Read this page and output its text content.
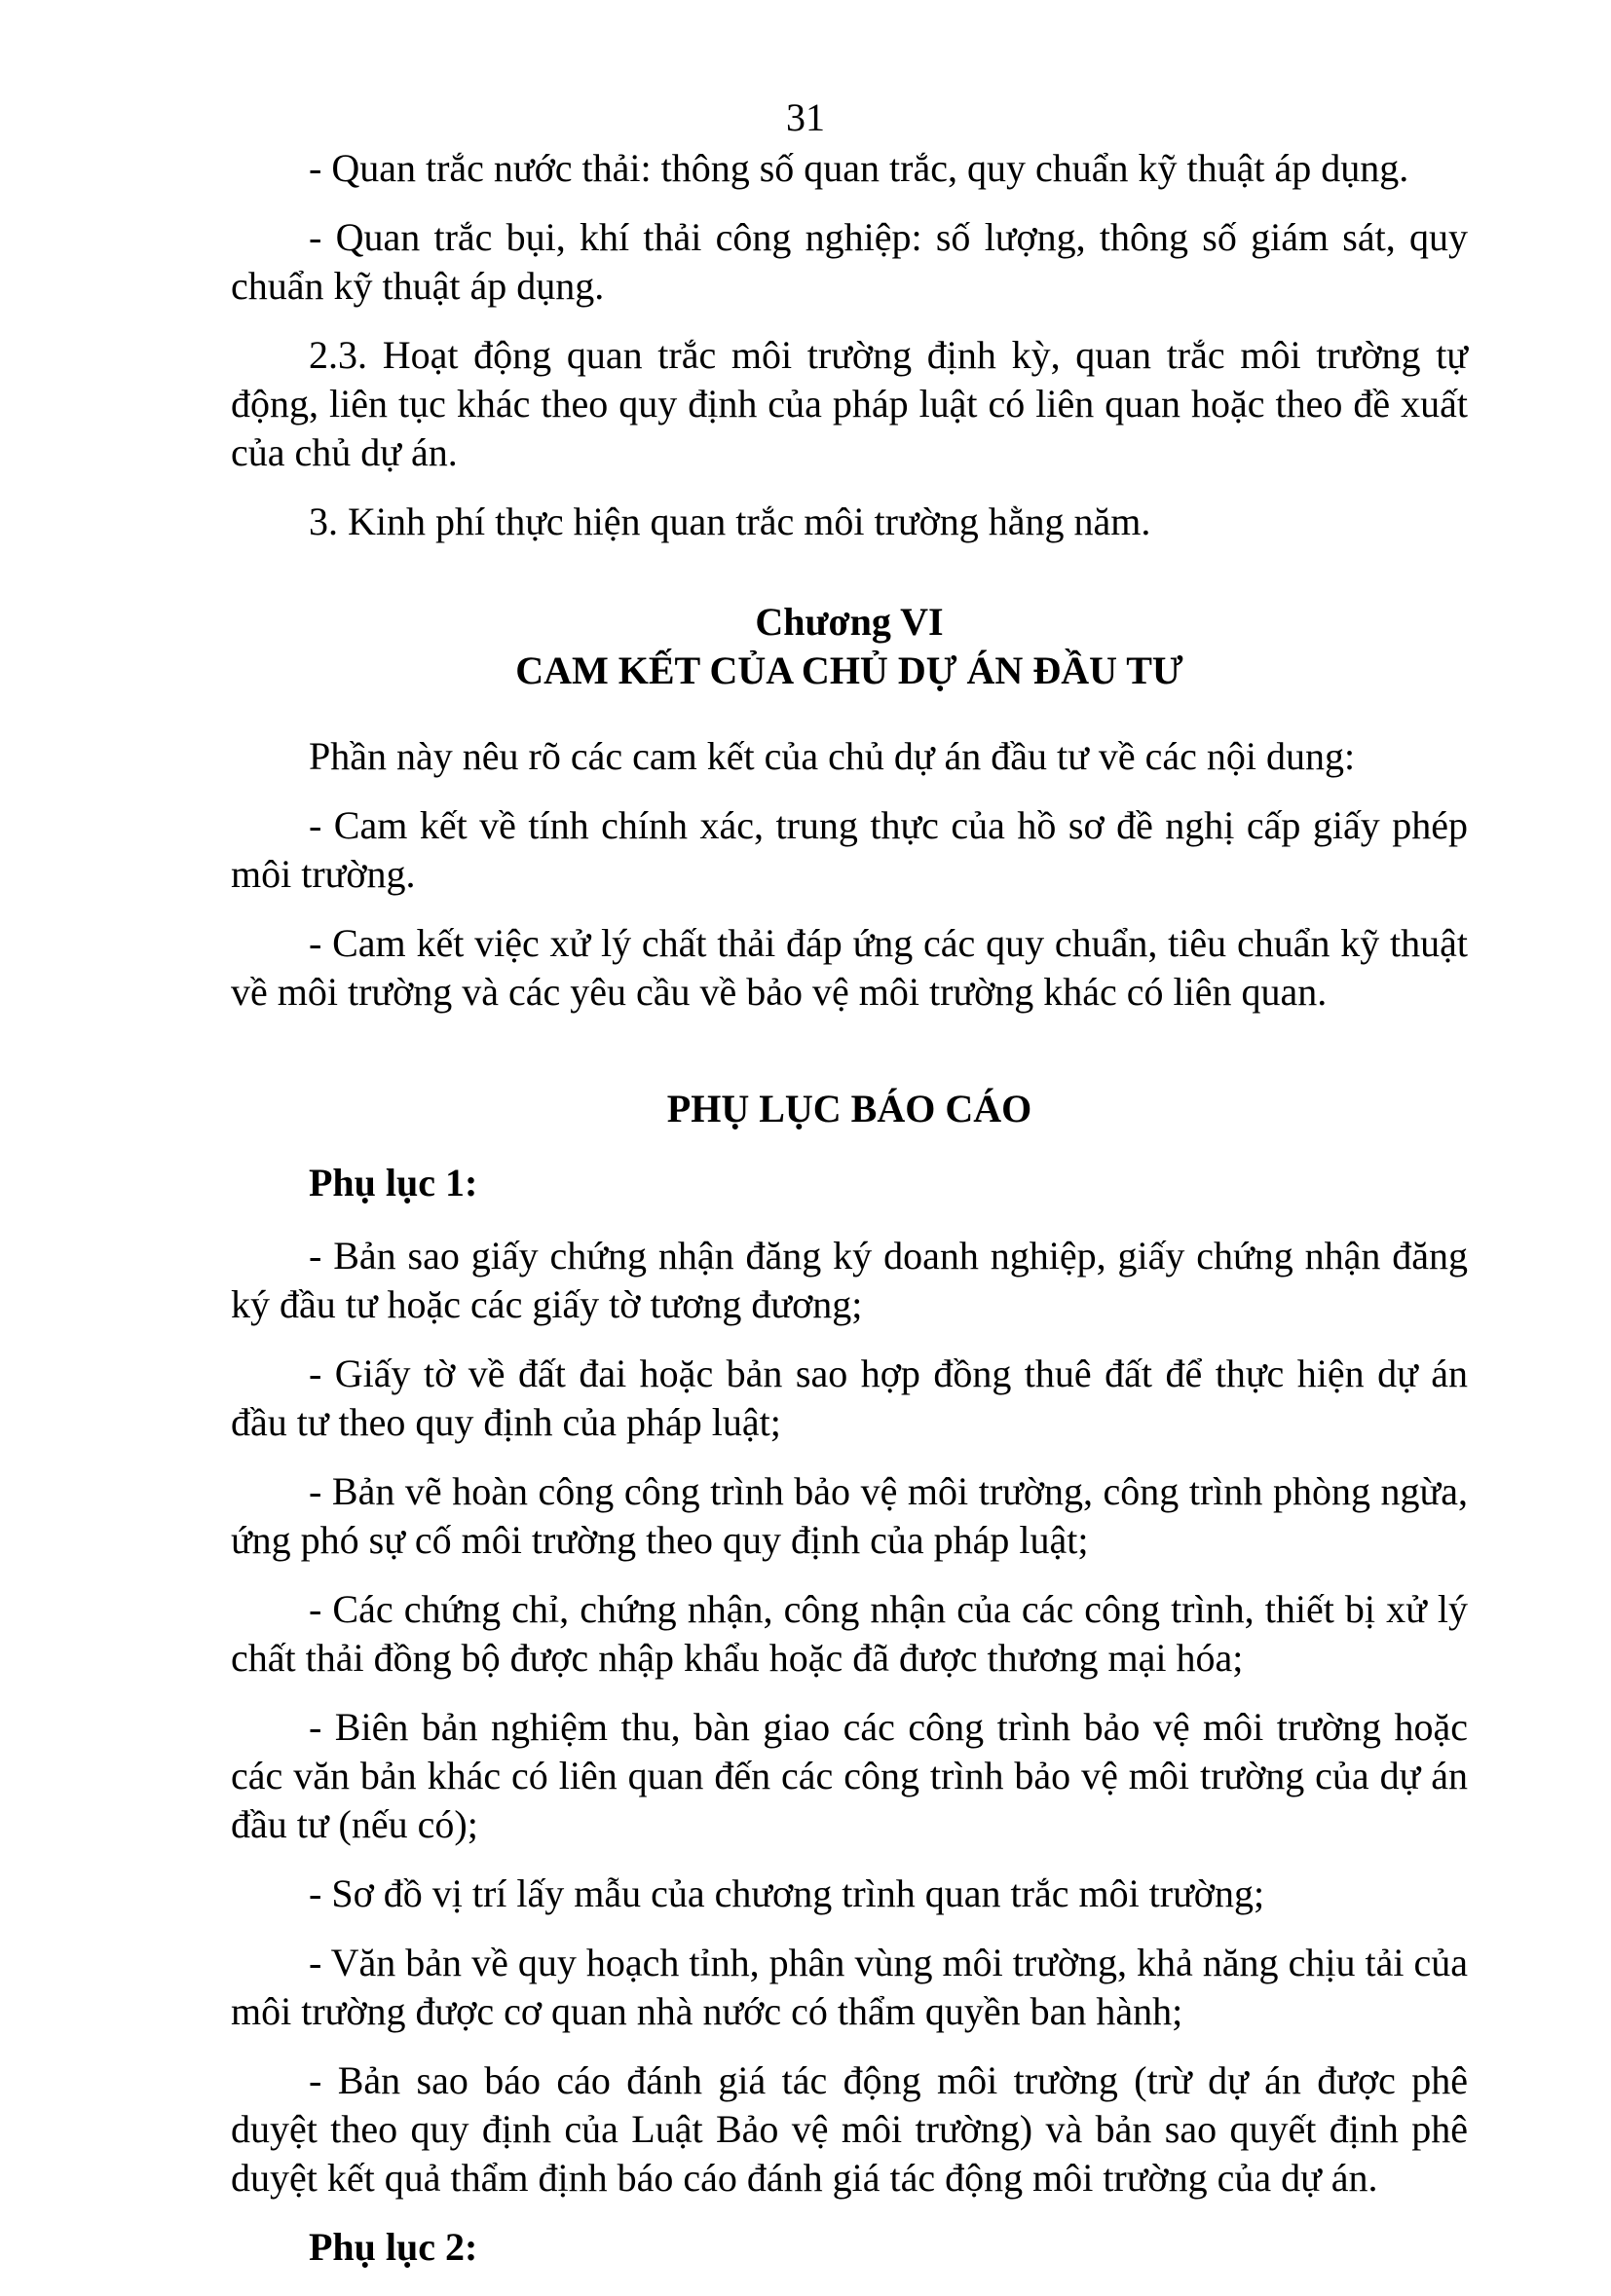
31

- Quan trắc nước thải: thông số quan trắc, quy chuẩn kỹ thuật áp dụng.

- Quan trắc bụi, khí thải công nghiệp: số lượng, thông số giám sát, quy chuẩn kỹ thuật áp dụng.

2.3. Hoạt động quan trắc môi trường định kỳ, quan trắc môi trường tự động, liên tục khác theo quy định của pháp luật có liên quan hoặc theo đề xuất của chủ dự án.

3. Kinh phí thực hiện quan trắc môi trường hằng năm.

Chương VI

CAM KẾT CỦA CHỦ DỰ ÁN ĐẦU TƯ

Phần này nêu rõ các cam kết của chủ dự án đầu tư về các nội dung:

- Cam kết về tính chính xác, trung thực của hồ sơ đề nghị cấp giấy phép môi trường.

- Cam kết việc xử lý chất thải đáp ứng các quy chuẩn, tiêu chuẩn kỹ thuật về môi trường và các yêu cầu về bảo vệ môi trường khác có liên quan.

PHỤ LỤC BÁO CÁO

Phụ lục 1:

- Bản sao giấy chứng nhận đăng ký doanh nghiệp, giấy chứng nhận đăng ký đầu tư hoặc các giấy tờ tương đương;

- Giấy tờ về đất đai hoặc bản sao hợp đồng thuê đất để thực hiện dự án đầu tư theo quy định của pháp luật;

- Bản vẽ hoàn công công trình bảo vệ môi trường, công trình phòng ngừa, ứng phó sự cố môi trường theo quy định của pháp luật;

- Các chứng chỉ, chứng nhận, công nhận của các công trình, thiết bị xử lý chất thải đồng bộ được nhập khẩu hoặc đã được thương mại hóa;

- Biên bản nghiệm thu, bàn giao các công trình bảo vệ môi trường hoặc các văn bản khác có liên quan đến các công trình bảo vệ môi trường của dự án đầu tư (nếu có);

- Sơ đồ vị trí lấy mẫu của chương trình quan trắc môi trường;

- Văn bản về quy hoạch tỉnh, phân vùng môi trường, khả năng chịu tải của môi trường được cơ quan nhà nước có thẩm quyền ban hành;

- Bản sao báo cáo đánh giá tác động môi trường (trừ dự án được phê duyệt theo quy định của Luật Bảo vệ môi trường) và bản sao quyết định phê duyệt kết quả thẩm định báo cáo đánh giá tác động môi trường của dự án.

Phụ lục 2:
